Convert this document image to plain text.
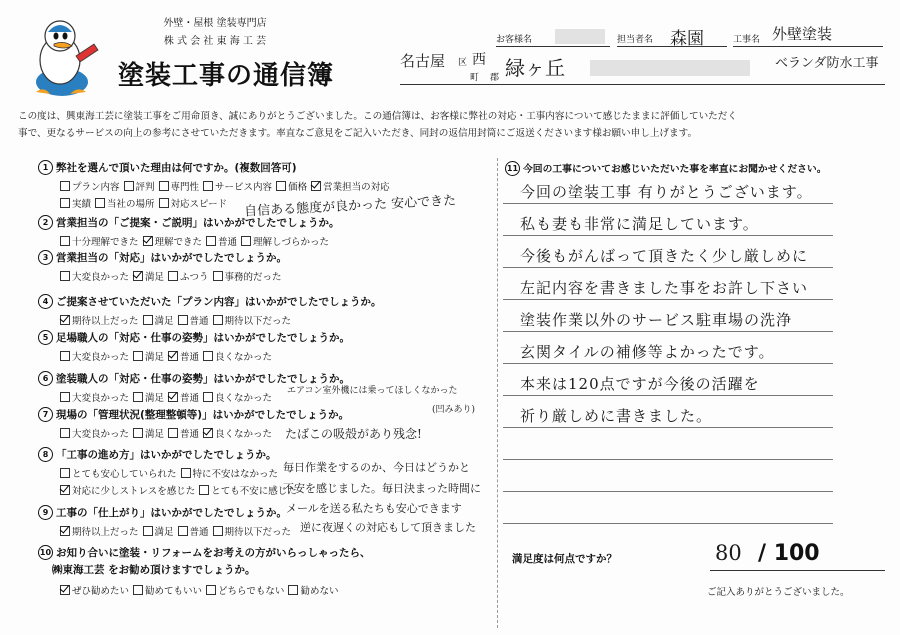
外壁・屋根 塗装専門店
株 式 会 社 東 海 工 芸
塗装工事の通信簿
お客様名	担当者名 森園	工事名 外壁塗装
ベランダ防水工事
名古屋 区 西
町 郡 緑ヶ丘
この度は、興東海工芸に塗装工事をご用命頂き、誠にありがとうございました。この通信簿は、お客様に弊社の対応・工事内容について感じたままに評価していただく
事で、更なるサービスの向上の参考にさせていただきます。率直なご意見をご記入いただき、同封の返信用封筒にご返送くださいます様お願い申し上げます。
1 弊社を選んで頂いた理由は何ですか。(複数回答可)
プラン内容 評判 専門性 サービス内容 価格 営業担当の対応
実績 当社の場所 対応スピード
2 営業担当の「ご提案・ご説明」はいかがでしたでしょうか。
十分理解できた 理解できた 普通 理解しづらかった
3 営業担当の「対応」はいかがでしたでしょうか。
大変良かった 満足 ふつう 事務的だった
4 ご提案させていただいた「プラン内容」はいかがでしたでしょうか。
期待以上だった 満足 普通 期待以下だった
5 足場職人の「対応・仕事の姿勢」はいかがでしたでしょうか。
大変良かった 満足 普通 良くなかった
6 塗装職人の「対応・仕事の姿勢」はいかがでしたでしょうか。
大変良かった 満足 普通 良くなかった
7 現場の「管理状況(整理整頓等)」はいかがでしたでしょうか。
大変良かった 満足 普通 良くなかった
8 「工事の進め方」はいかがでしたでしょうか。
とても安心していられた 特に不安はなかった
対応に少しストレスを感じた とても不安に感じた
9 工事の「仕上がり」はいかがでしたでしょうか。
期待以上だった 満足 普通 期待以下だった
10 お知り合いに塗装・リフォームをお考えの方がいらっしゃったら、
㈱東海工芸 をお勧め頂けますでしょうか。
ぜひ勧めたい 勧めてもいい どちらでもない 勧めない
自信ある態度が良かった 安心できた
エアコン室外機には乗ってほしくなかった
(凹みあり)
たばこの吸殻があり残念!
毎日作業をするのか、今日はどうかと
不安を感じました。毎日決まった時間に
メールを送る私たちも安心できます
逆に夜遅くの対応もして頂きました
11 今回の工事についてお感じいただいた事を率直にお聞かせください。
今回の塗装工事 有りがとうございます。
私も妻も非常に満足しています。
今後もがんばって頂きたく少し厳しめに
左記内容を書きました事をお許し下さい
塗装作業以外のサービス駐車場の洗浄
玄関タイルの補修等よかったです。
本来は120点ですが今後の活躍を
祈り厳しめに書きました。
満足度は何点ですか？	80 / 100
ご記入ありがとうございました。
